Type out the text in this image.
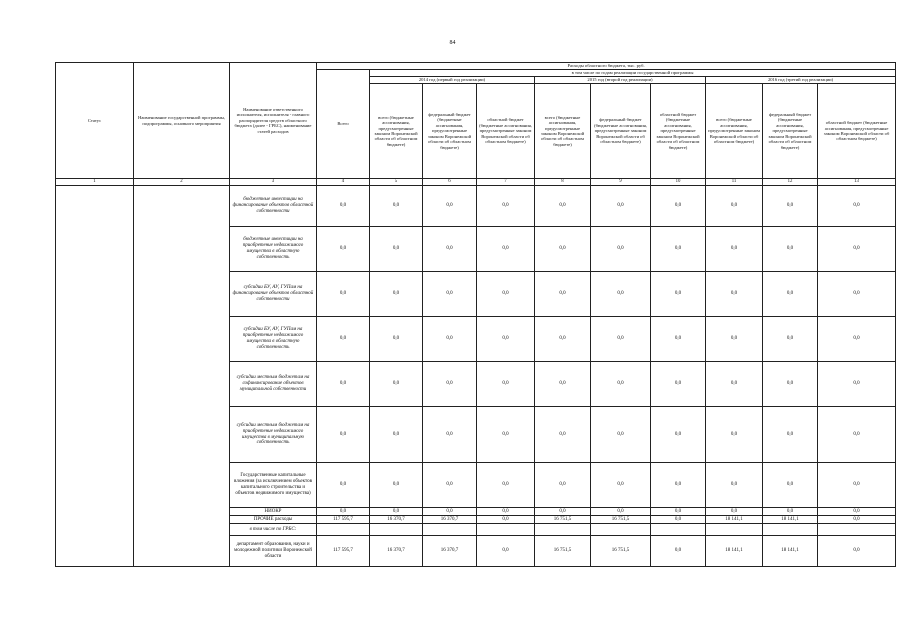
84
Статус	Наименование государственной программы, подпрограммы, основного мероприятия	Наименование ответственного исполнителя, исполнителя - главного распорядителя средств областного бюджета (далее - ГРБС), наименование статей расходов	Расходы областного бюджета, тыс. руб.									
			Всего	в том числе по годам реализации государственной программы								
				2014 год (первый год реализации)			2015 год (второй год реализации)			2016 год (третий год реализации)		
				всего (бюджетные ассигнования, предусмотренные законом Воронежской области об областном бюджете)	федеральный бюджет (бюджетные ассигнования, предусмотренные законом Воронежской области об областном бюджете)	областной бюджет (бюджетные ассигнования, предусмотренные законом Воронежской области об областном бюджете)	всего (бюджетные ассигнования, предусмотренные законом Воронежской области об областном бюджете)	федеральный бюджет (бюджетные ассигнования, предусмотренные законом Воронежской области об областном бюджете)	областной бюджет (бюджетные ассигнования, предусмотренные законом Воронежской области об областном бюджете)	всего (бюджетные ассигнования, предусмотренные законом Воронежской области об областном бюджете)	федеральный бюджет (бюджетные ассигнования, предусмотренные законом Воронежской области об областном бюджете)	областной бюджет (бюджетные ассигнования, предусмотренные законом Воронежской области об областном бюджете)
1	2	3	4	5	6	7	8	9	10	11	12	13
		бюджетные инвестиции на финансирование объектов областной собственности	0,0	0,0	0,0	0,0	0,0	0,0	0,0	0,0	0,0	0,0
		бюджетные инвестиции на приобретение недвижимого имущества в областную собственность	0,0	0,0	0,0	0,0	0,0	0,0	0,0	0,0	0,0	0,0
		субсидии БУ, АУ, ГУПам на финансирование объектов областной собственности	0,0	0,0	0,0	0,0	0,0	0,0	0,0	0,0	0,0	0,0
		субсидии БУ, АУ, ГУПам на приобретение недвижимого имущества в областную собственность	0,0	0,0	0,0	0,0	0,0	0,0	0,0	0,0	0,0	0,0
		субсидии местным бюджетам на софинансирование объектов муниципальной собственности	0,0	0,0	0,0	0,0	0,0	0,0	0,0	0,0	0,0	0,0
		субсидии местным бюджетам на приобретение недвижимого имущества в муниципальную собственность	0,0	0,0	0,0	0,0	0,0	0,0	0,0	0,0	0,0	0,0
		Государственные капитальные вложения (за исключением объектов капитального строительства и объектов недвижимого имущества)	0,0	0,0	0,0	0,0	0,0	0,0	0,0	0,0	0,0	0,0
		НИОКР	0,0	0,0	0,0	0,0	0,0	0,0	0,0	0,0	0,0	0,0
		ПРОЧИЕ расходы	117 595,7	16 370,7	16 370,7	0,0	16 751,5	16 751,5	0,0	18 141,1	18 141,1	0,0
		в том числе по ГРБС:										
		департамент образования, науки и молодежной политики Воронежской области	117 595,7	16 370,7	16 370,7	0,0	16 751,5	16 751,5	0,0	18 141,1	18 141,1	0,0
